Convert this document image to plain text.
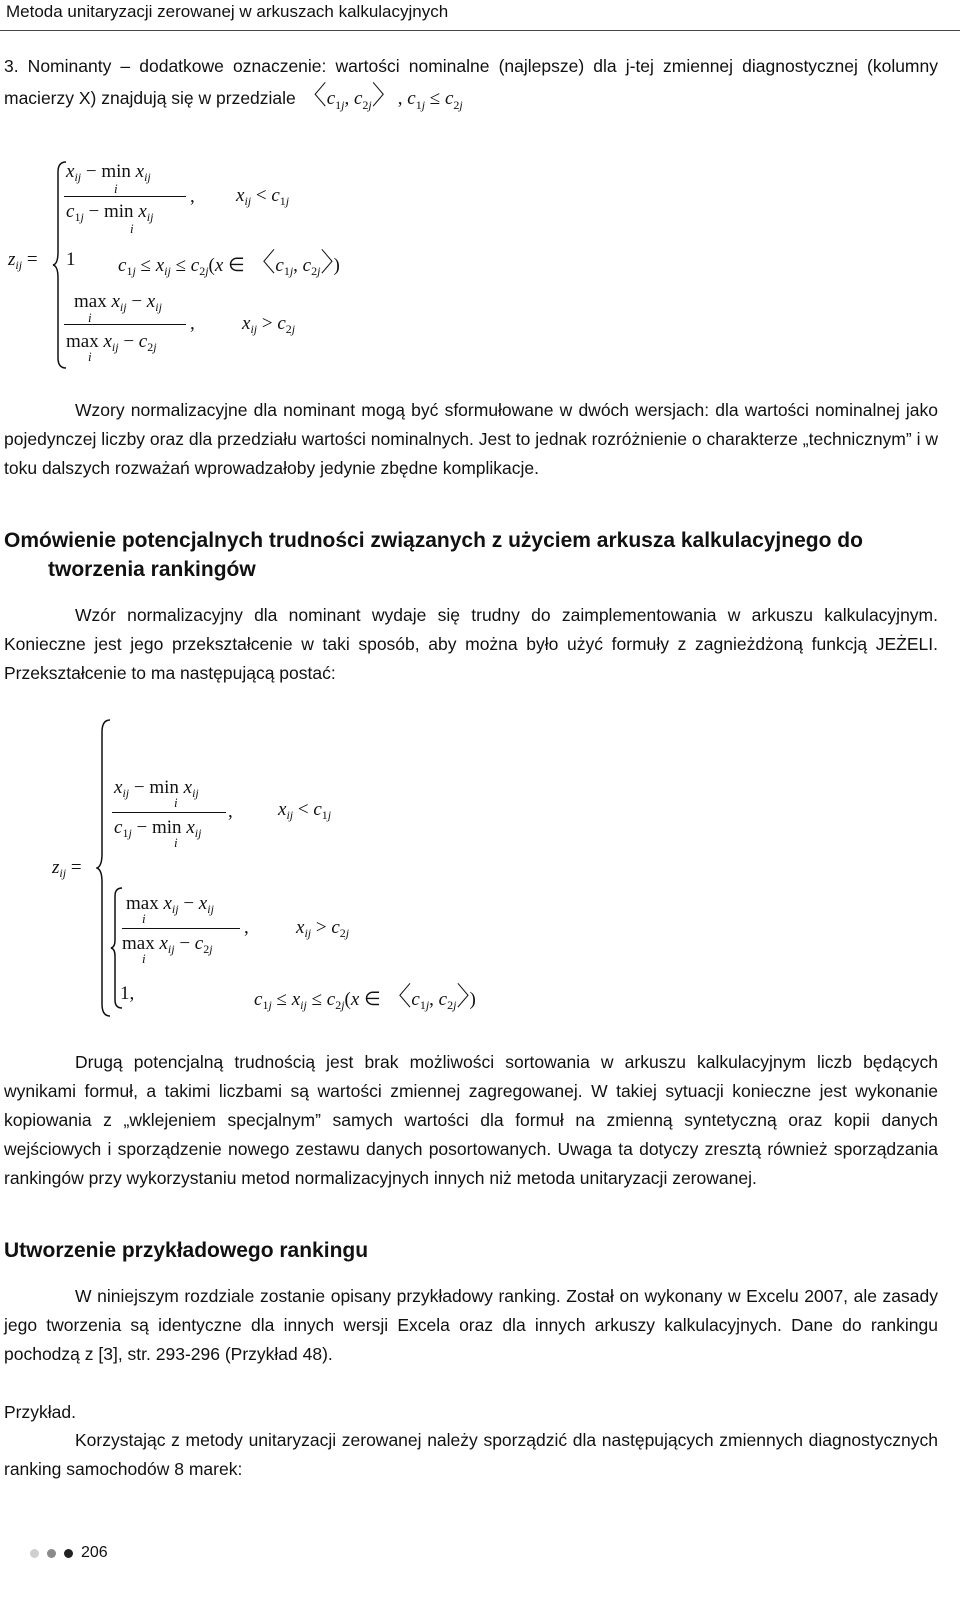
Metoda unitaryzacji zerowanej w arkuszach kalkulacyjnych

3. Nominanty – dodatkowe oznaczenie: wartości nominalne (najlepsze) dla j-tej zmiennej diagnostycznej (kolumny macierzy X) znajdują się w przedziale 〈$c_{1j}$, $c_{2j}$〉, $c_{1j} \le c_{2j}$

$z_{ij}$ =
$x_{ij} - \min x_{ij}$
i
$c_{1j} - \min x_{ij}$
i
, $x_{ij} < c_{1j}$
1 $c_{1j} \le x_{ij} \le c_{2j}(x$ ∈ 〈$c_{1j}$, $c_{2j}$〉)
$\max x_{ij} - x_{ij}$
i
$\max x_{ij} - c_{2j}$
i
, $x_{ij} > c_{2j}$

Wzory normalizacyjne dla nominant mogą być sformułowane w dwóch wersjach: dla wartości nominalnej jako pojedynczej liczby oraz dla przedziału wartości nominalnych. Jest to jednak rozróżnienie o charakterze „technicznym” i w toku dalszych rozważań wprowadzałoby jedynie zbędne komplikacje.

Omówienie potencjalnych trudności związanych z użyciem arkusza kalkulacyjnego do
tworzenia rankingów

Wzór normalizacyjny dla nominant wydaje się trudny do zaimplementowania w arkuszu kalkulacyjnym. Konieczne jest jego przekształcenie w taki sposób, aby można było użyć formuły z zagnieżdżoną funkcją JEŻELI. Przekształcenie to ma następującą postać:

$z_{ij}$ =
$x_{ij} - \min x_{ij}$
i
$c_{1j} - \min x_{ij}$
i
, $x_{ij} < c_{1j}$
$\max x_{ij} - x_{ij}$
i
$\max x_{ij} - c_{2j}$
i
, $x_{ij} > c_{2j}$
1,	$c_{1j} \le x_{ij} \le c_{2j}(x$ ∈ 〈$c_{1j}$, $c_{2j}$〉)

Drugą potencjalną trudnością jest brak możliwości sortowania w arkuszu kalkulacyjnym liczb będących wynikami formuł, a takimi liczbami są wartości zmiennej zagregowanej. W takiej sytuacji konieczne jest wykonanie kopiowania z „wklejeniem specjalnym” samych wartości dla formuł na zmienną syntetyczną oraz kopii danych wejściowych i sporządzenie nowego zestawu danych posortowanych. Uwaga ta dotyczy zresztą również sporządzania rankingów przy wykorzystaniu metod normalizacyjnych innych niż metoda unitaryzacji zerowanej.

Utworzenie przykładowego rankingu

W niniejszym rozdziale zostanie opisany przykładowy ranking. Został on wykonany w Excelu 2007, ale zasady jego tworzenia są identyczne dla innych wersji Excela oraz dla innych arkuszy kalkulacyjnych. Dane do rankingu pochodzą z [3], str. 293-296 (Przykład 48).

Przykład.

Korzystając z metody unitaryzacji zerowanej należy sporządzić dla następujących zmiennych diagnostycznych ranking samochodów 8 marek:

206
